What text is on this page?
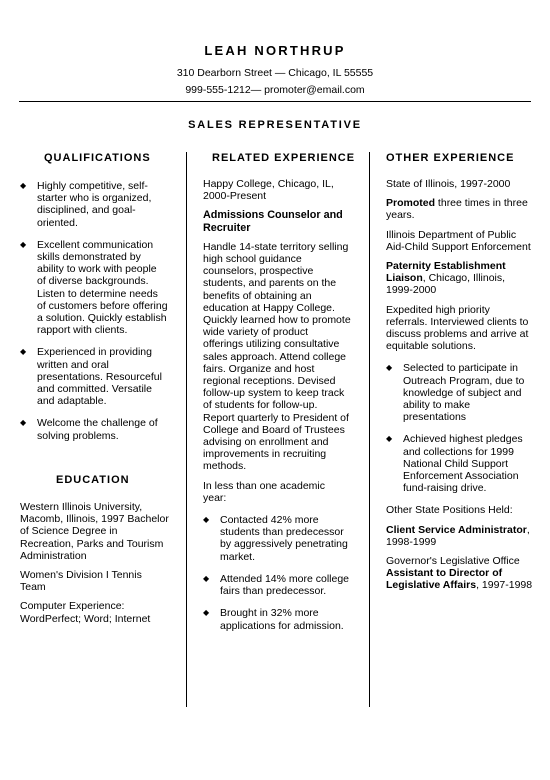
LEAH NORTHRUP
310 Dearborn Street — Chicago, IL 55555
999-555-1212— promoter@email.com
SALES REPRESENTATIVE
QUALIFICATIONS
◆ Highly competitive, self-starter who is organized, disciplined, and goal-oriented.

◆ Excellent communication skills demonstrated by ability to work with people of diverse backgrounds. Listen to determine needs of customers before offering a solution. Quickly establish rapport with clients.

◆ Experienced in providing written and oral presentations. Resourceful and committed. Versatile and adaptable.

◆ Welcome the challenge of solving problems.

EDUCATION

Western Illinois University, Macomb, Illinois, 1997 Bachelor of Science Degree in Recreation, Parks and Tourism Administration

Women's Division I Tennis Team

Computer Experience: WordPerfect; Word; Internet

RELATED EXPERIENCE

Happy College, Chicago, IL, 2000-Present

Admissions Counselor and Recruiter

Handle 14-state territory selling high school guidance counselors, prospective students, and parents on the benefits of obtaining an education at Happy College. Quickly learned how to promote wide variety of product offerings utilizing consultative sales approach. Attend college fairs. Organize and host regional receptions. Devised follow-up system to keep track of students for follow-up. Report quarterly to President of College and Board of Trustees advising on enrollment and improvements in recruiting methods.

In less than one academic year:

◆ Contacted 42% more students than predecessor by aggressively penetrating market.

◆ Attended 14% more college fairs than predecessor.

◆ Brought in 32% more applications for admission.

OTHER EXPERIENCE

State of Illinois, 1997-2000

Promoted three times in three years.

Illinois Department of Public Aid-Child Support Enforcement

Paternity Establishment Liaison, Chicago, Illinois, 1999-2000

Expedited high priority referrals. Interviewed clients to discuss problems and arrive at equitable solutions.

◆ Selected to participate in Outreach Program, due to knowledge of subject and ability to make presentations

◆ Achieved highest pledges and collections for 1999 National Child Support Enforcement Association fund-raising drive.

Other State Positions Held:

Client Service Administrator, 1998-1999

Governor's Legislative Office

Assistant to Director of Legislative Affairs, 1997-1998
